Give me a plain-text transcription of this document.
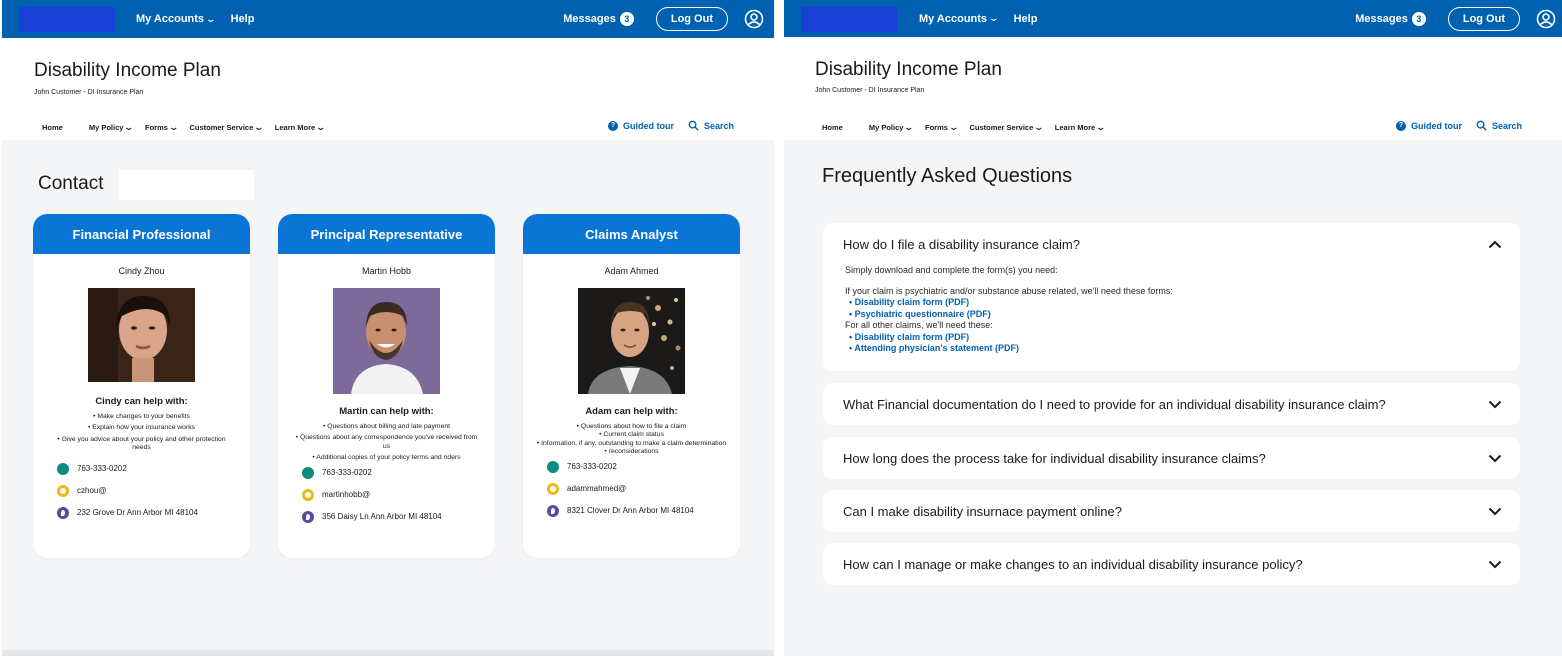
My Accounts ⌄ Help	Messages 3	Log Out
Disability Income Plan
John Customer - DI Insurance Plan
Home	My Policy ⌄ Forms ⌄ Customer Service ⌄ Learn More ⌄	? Guided tour	Search
Contact
Financial Professional
Cindy Zhou
Cindy can help with:
• Make changes to your benefits
• Explain how your insurance works
• Give you advice about your policy and other protection needs
763-333-0202
czhou@
232 Grove Dr Ann Arbor MI 48104
Principal Representative
Martin Hobb
Martin can help with:
• Questions about billing and late payment
• Questions about any correspondence you've received from us
• Additional copies of your policy terms and riders
763-333-0202
martinhobb@
356 Daisy Ln Ann Arbor MI 48104
Claims Analyst
Adam Ahmed
Adam can help with:
• Questions about how to file a claim
• Current claim status
• Information, if any, outstanding to make a claim determination
• reconsiderations
763-333-0202
adammahmed@
8321 Clover Dr Ann Arbor MI 48104
My Accounts ⌄ Help	Messages 3	Log Out
Disability Income Plan
John Customer - DI Insurance Plan
Home	My Policy ⌄ Forms ⌄ Customer Service ⌄ Learn More ⌄	? Guided tour	Search
Frequently Asked Questions
How do I file a disability insurance claim?
Simply download and complete the form(s) you need:
If your claim is psychiatric and/or substance abuse related, we'll need these forms:
• Disability claim form (PDF)
• Psychiatric questionnaire (PDF)
For all other claims, we'll need these:
• Disability claim form (PDF)
• Attending physician's statement (PDF)
What Financial documentation do I need to provide for an individual disability insurance claim?
How long does the process take for individual disability insurance claims?
Can I make disability insurnace payment online?
How can I manage or make changes to an individual disability insurance policy?
